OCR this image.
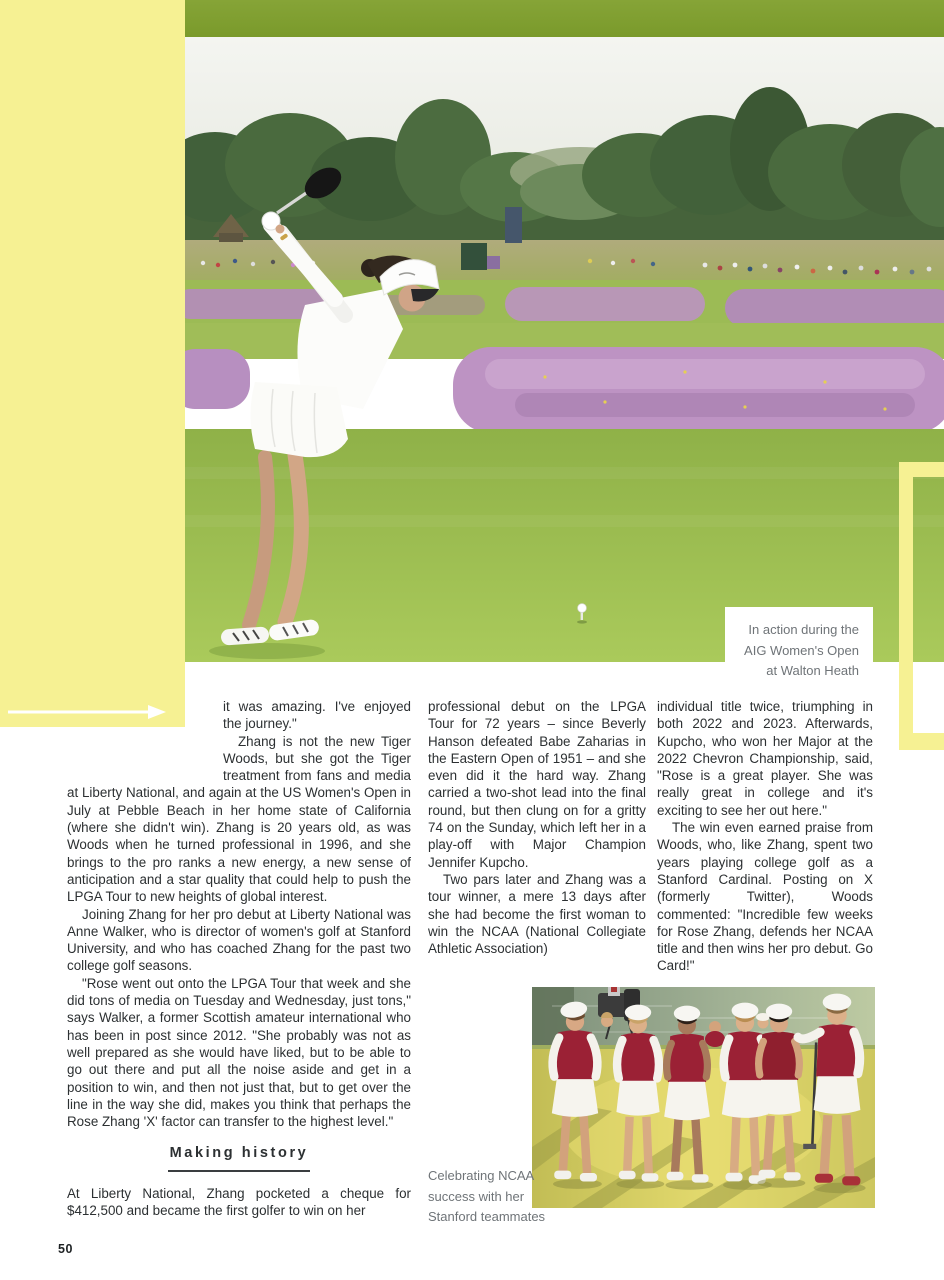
In action during the
AIG Women's Open
at Walton Heath

it was amazing. I've enjoyed the journey."

Zhang is not the new Tiger Woods, but she got the Tiger treatment from fans and media at Liberty National, and again at the US Women's Open in July at Pebble Beach in her home state of California (where she didn't win). Zhang is 20 years old, as was Woods when he turned professional in 1996, and she brings to the pro ranks a new energy, a new sense of anticipation and a star quality that could help to push the LPGA Tour to new heights of global interest.

Joining Zhang for her pro debut at Liberty National was Anne Walker, who is director of women's golf at Stanford University, and who has coached Zhang for the past two college golf seasons.

"Rose went out onto the LPGA Tour that week and she did tons of media on Tuesday and Wednesday, just tons," says Walker, a former Scottish amateur international who has been in post since 2012. "She probably was not as well prepared as she would have liked, but to be able to go out there and put all the noise aside and get in a position to win, and then not just that, but to get over the line in the way she did, makes you think that perhaps the Rose Zhang 'X' factor can transfer to the highest level."

Making history

At Liberty National, Zhang pocketed a cheque for $412,500 and became the first golfer to win on her

professional debut on the LPGA Tour for 72 years – since Beverly Hanson defeated Babe Zaharias in the Eastern Open of 1951 – and she even did it the hard way. Zhang carried a two-shot lead into the final round, but then clung on for a gritty 74 on the Sunday, which left her in a play-off with Major Champion Jennifer Kupcho.

Two pars later and Zhang was a tour winner, a mere 13 days after she had become the first woman to win the NCAA (National Collegiate Athletic Association)

individual title twice, triumphing in both 2022 and 2023. Afterwards, Kupcho, who won her Major at the 2022 Chevron Championship, said, "Rose is a great player. She was really great in college and it's exciting to see her out here."

The win even earned praise from Woods, who, like Zhang, spent two years playing college golf as a Stanford Cardinal. Posting on X (formerly Twitter), Woods commented: "Incredible few weeks for Rose Zhang, defends her NCAA title and then wins her pro debut. Go Card!"

Celebrating NCAA
success with her
Stanford teammates
50
